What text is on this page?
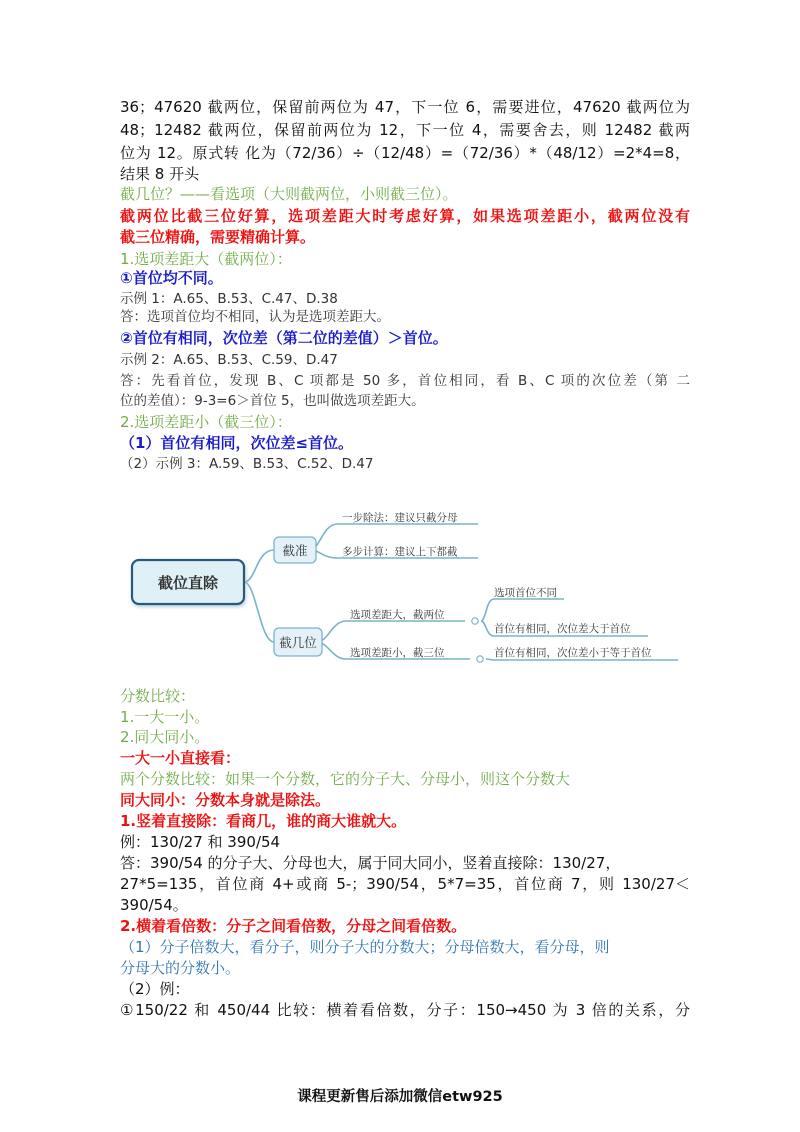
36；47620 截两位，保留前两位为 47，下一位 6，需要进位，47620 截两位为
48；12482 截两位，保留前两位为 12，下一位 4，需要舍去，则 12482 截两
位为 12。原式转 化为（72/36）÷（12/48）=（72/36）*（48/12）=2*4=8，
结果 8 开头
截几位？——看选项（大则截两位，小则截三位）。
截两位比截三位好算，选项差距大时考虑好算，如果选项差距小，截两位没有
截三位精确，需要精确计算。
1.选项差距大（截两位）：
①首位均不同。
示例 1：A.65、B.53、C.47、D.38
答：选项首位均不相同，认为是选项差距大。
②首位有相同，次位差（第二位的差值）＞首位。
示例 2：A.65、B.53、C.59、D.47
答：先看首位，发现 B、C 项都是 50 多，首位相同，看 B、C 项的次位差（第 二
位的差值）：9-3=6＞首位 5，也叫做选项差距大。
2.选项差距小（截三位）：
（1）首位有相同，次位差≤首位。
（2）示例 3：A.59、B.53、C.52、D.47
截位直除
截准
截几位
一步除法：建议只截分母
多步计算：建议上下都截
选项差距大，截两位
选项差距小，截三位
选项首位不同
首位有相同，次位差大于首位
首位有相同，次位差小于等于首位
分数比较：
1.一大一小。
2.同大同小。
一大一小直接看：
两个分数比较：如果一个分数，它的分子大、分母小，则这个分数大
同大同小：分数本身就是除法。
1.竖着直接除：看商几，谁的商大谁就大。
例：130/27 和 390/54
答：390/54 的分子大、分母也大，属于同大同小，竖着直接除：130/27，
27*5=135，首位商 4+或商 5-；390/54，5*7=35，首位商 7，则 130/27＜
390/54。
2.横着看倍数：分子之间看倍数，分母之间看倍数。
（1）分子倍数大，看分子，则分子大的分数大；分母倍数大，看分母，则
分母大的分数小。
（2）例：
①150/22 和 450/44 比较：横着看倍数，分子：150→450 为 3 倍的关系，分
课程更新售后添加微信etw925
